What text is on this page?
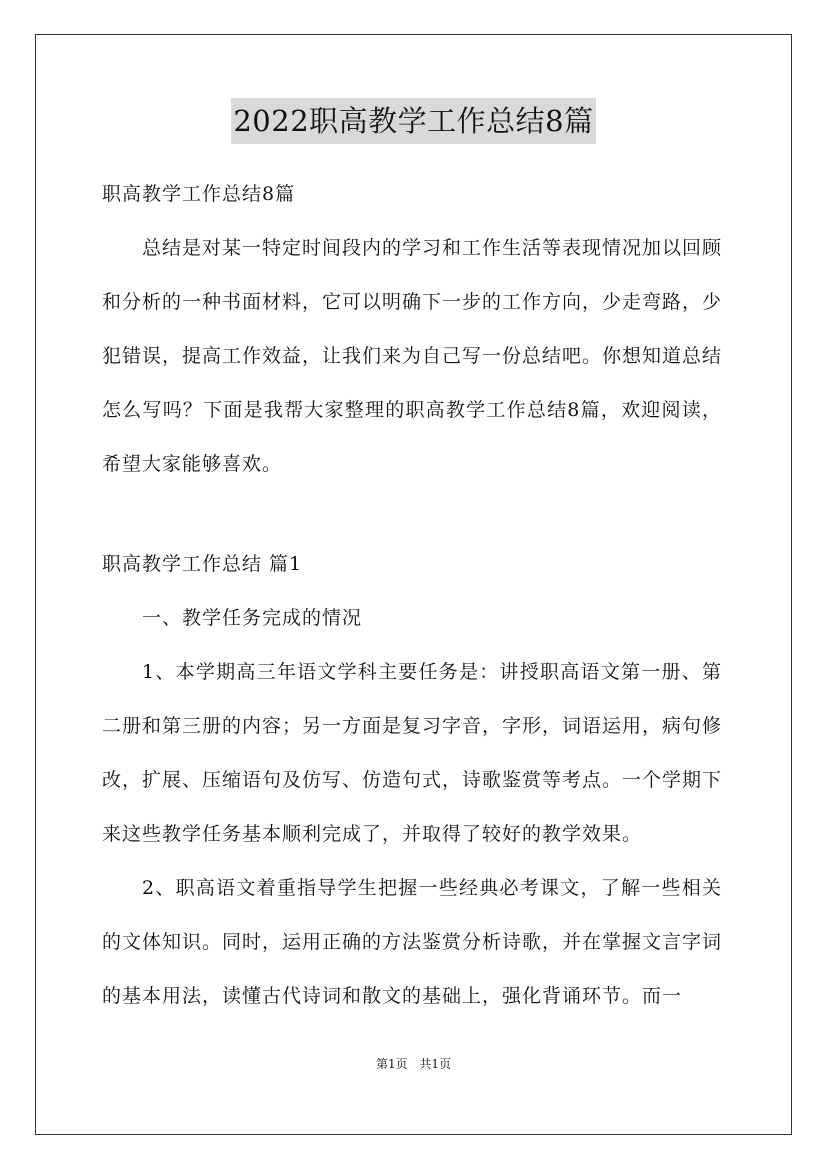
2022职高教学工作总结8篇

职高教学工作总结8篇

总结是对某一特定时间段内的学习和工作生活等表现情况加以回顾和分析的一种书面材料，它可以明确下一步的工作方向，少走弯路，少犯错误，提高工作效益，让我们来为自己写一份总结吧。你想知道总结怎么写吗？下面是我帮大家整理的职高教学工作总结8篇，欢迎阅读，希望大家能够喜欢。

职高教学工作总结 篇1

一、教学任务完成的情况

1、本学期高三年语文学科主要任务是：讲授职高语文第一册、第二册和第三册的内容；另一方面是复习字音，字形，词语运用，病句修改，扩展、压缩语句及仿写、仿造句式，诗歌鉴赏等考点。一个学期下来这些教学任务基本顺利完成了，并取得了较好的教学效果。

2、职高语文着重指导学生把握一些经典必考课文，了解一些相关的文体知识。同时，运用正确的方法鉴赏分析诗歌，并在掌握文言字词的基本用法，读懂古代诗词和散文的基础上，强化背诵环节。而一

第1页 共1页
